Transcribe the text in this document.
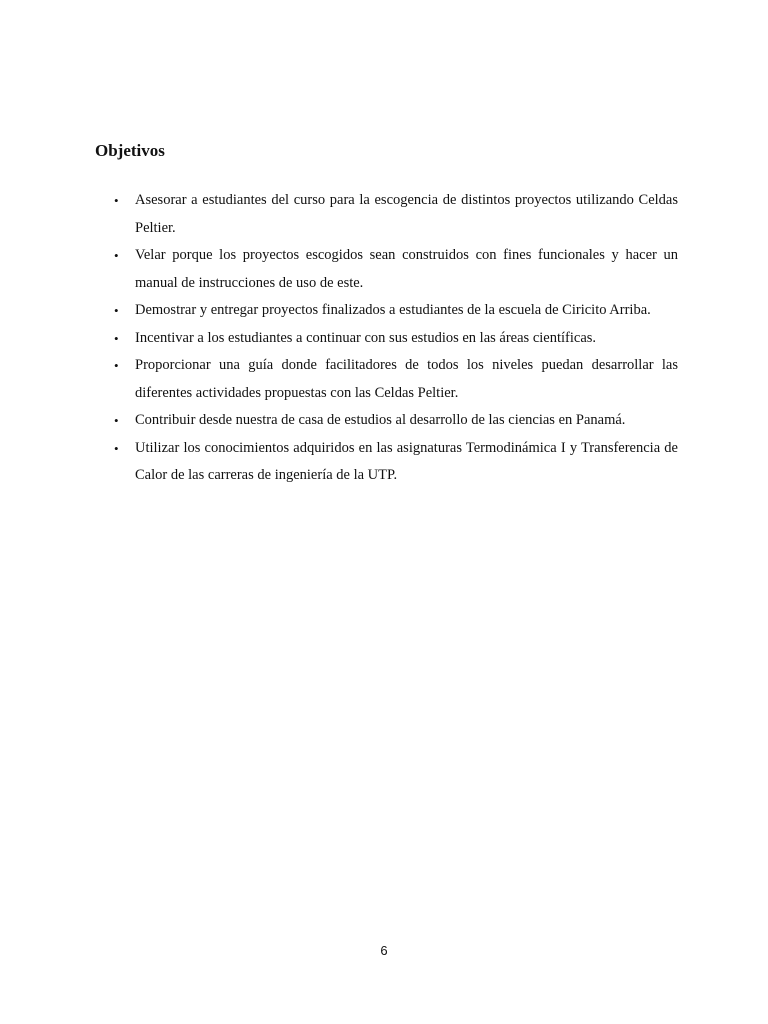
Objetivos
• Asesorar a estudiantes del curso para la escogencia de distintos proyectos utilizando Celdas Peltier.
• Velar porque los proyectos escogidos sean construidos con fines funcionales y hacer un manual de instrucciones de uso de este.
• Demostrar y entregar proyectos finalizados a estudiantes de la escuela de Ciricito Arriba.
• Incentivar a los estudiantes a continuar con sus estudios en las áreas científicas.
• Proporcionar una guía donde facilitadores de todos los niveles puedan desarrollar las diferentes actividades propuestas con las Celdas Peltier.
• Contribuir desde nuestra de casa de estudios al desarrollo de las ciencias en Panamá.
• Utilizar los conocimientos adquiridos en las asignaturas Termodinámica I y Transferencia de Calor de las carreras de ingeniería de la UTP.
6
